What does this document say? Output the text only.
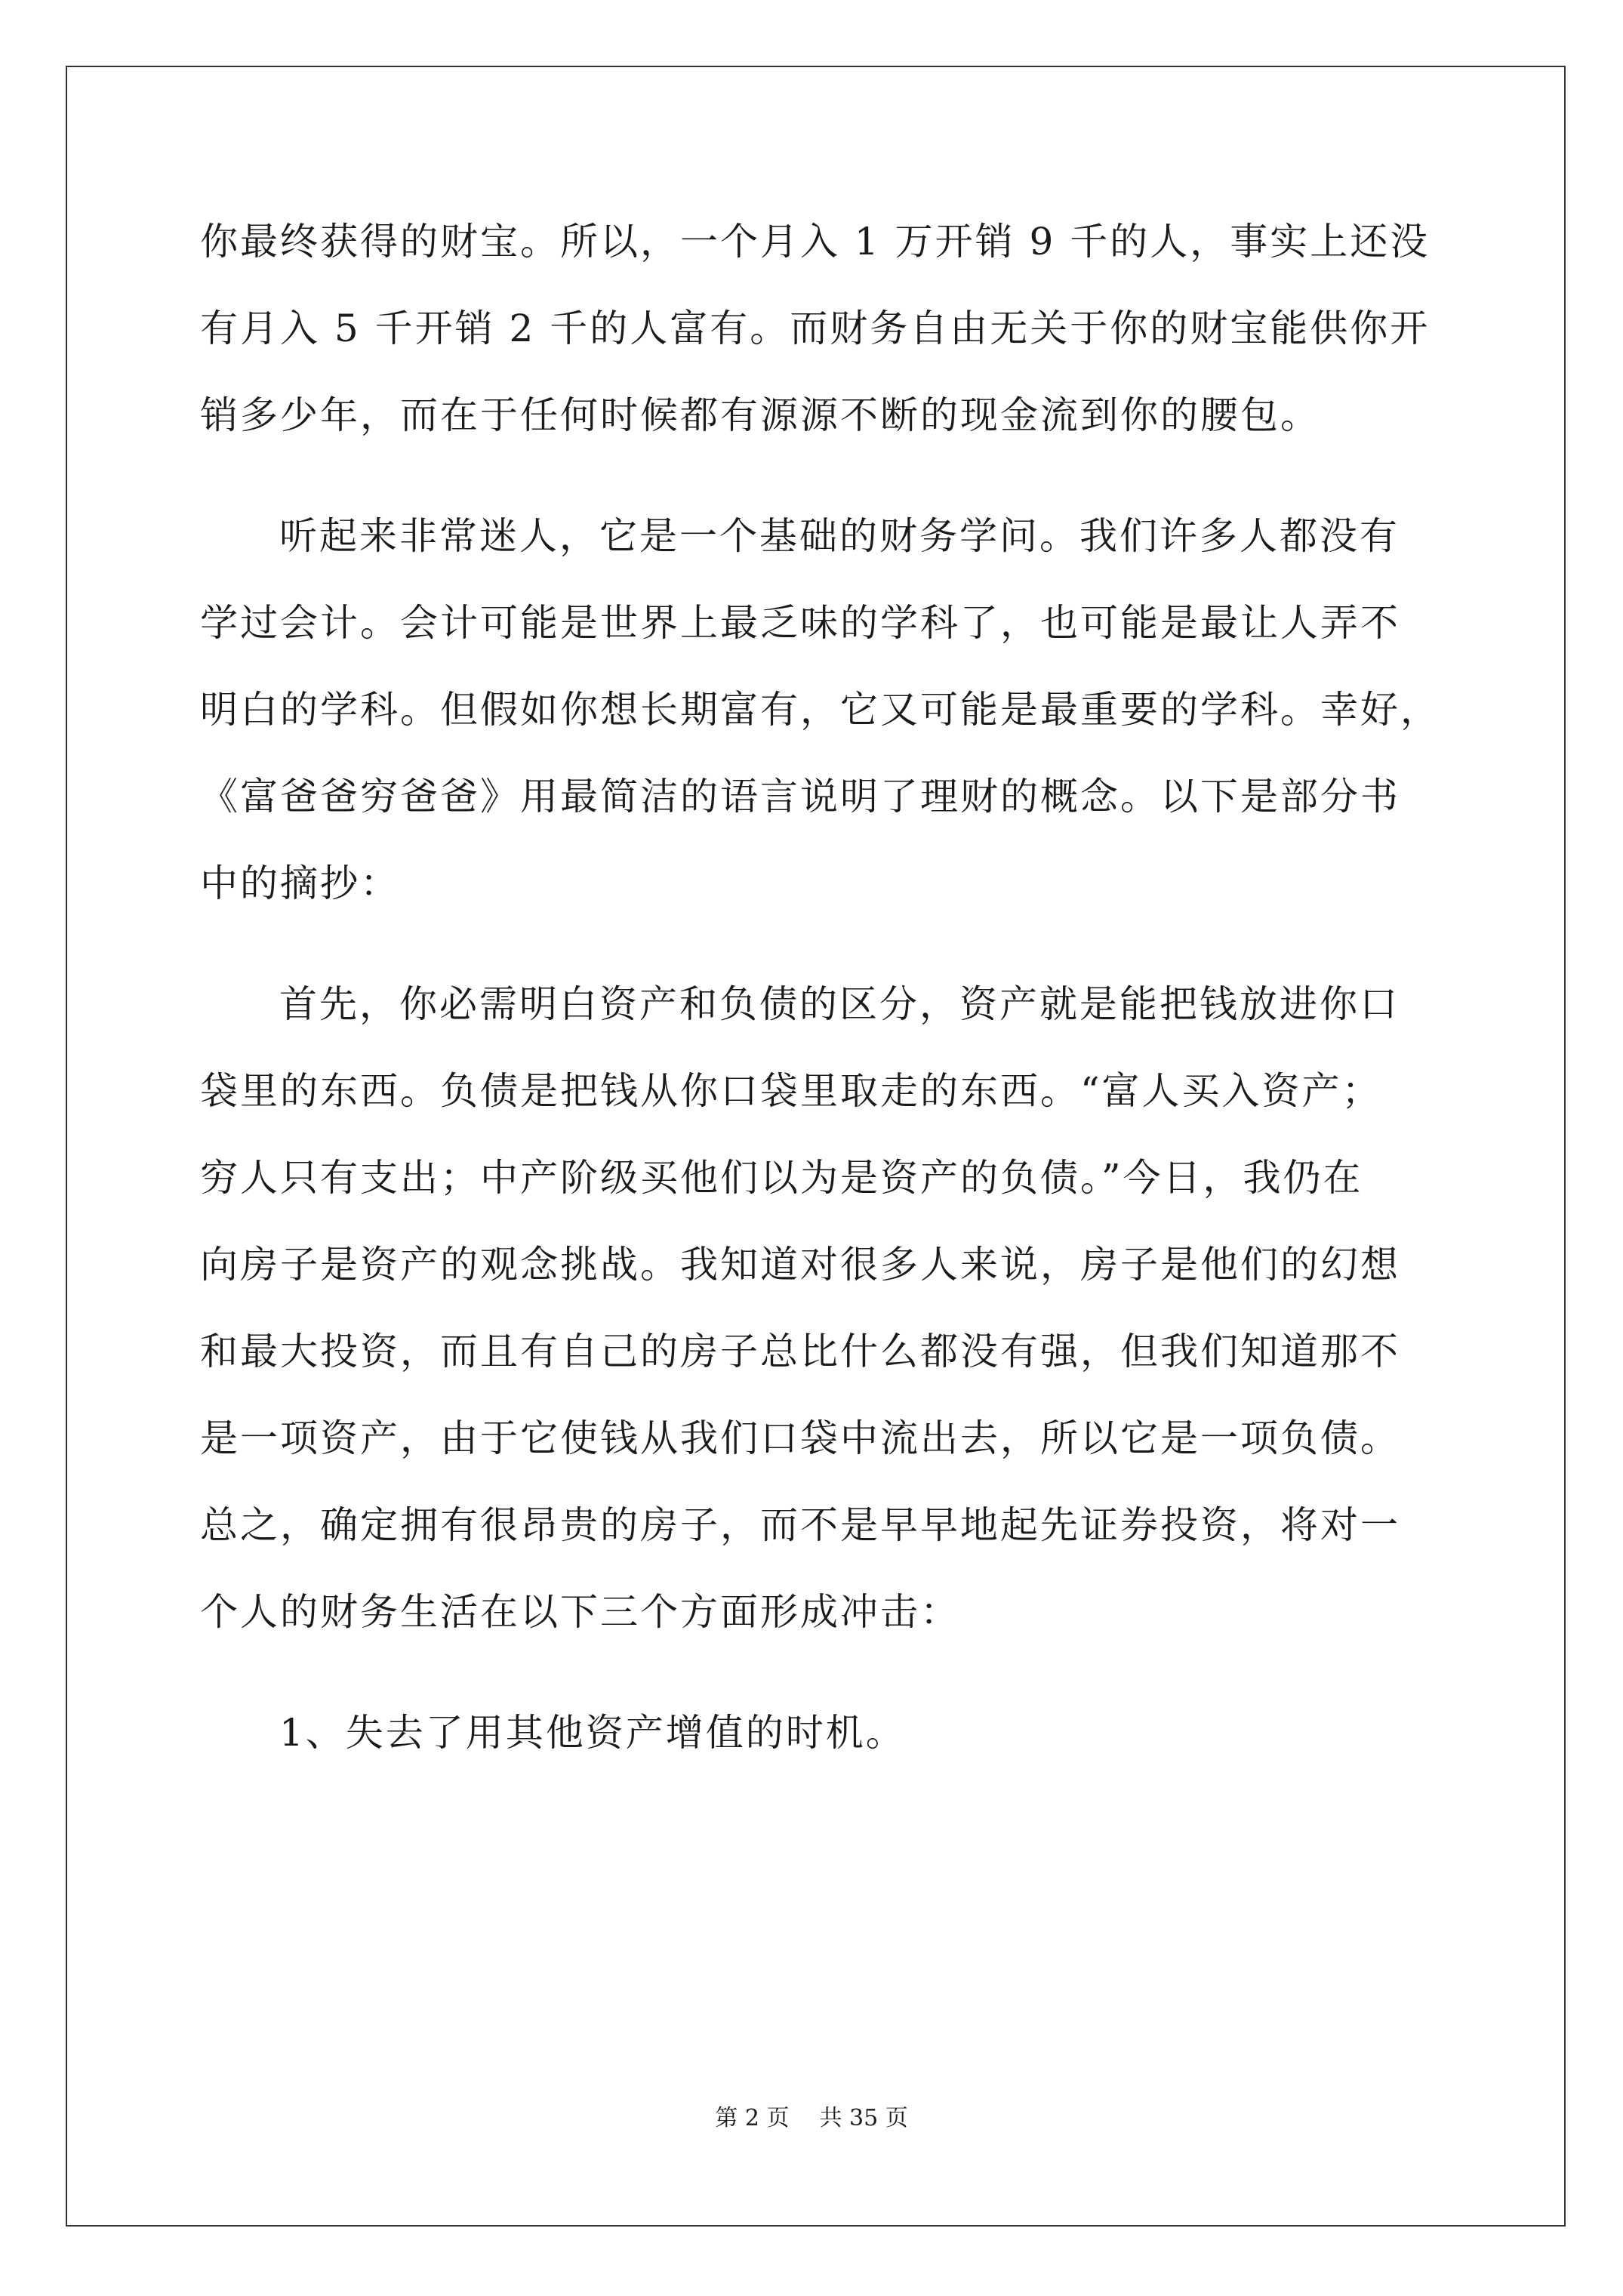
你最终获得的财宝。所以，一个月入 1 万开销 9 千的人，事实上还没
有月入 5 千开销 2 千的人富有。而财务自由无关于你的财宝能供你开
销多少年，而在于任何时候都有源源不断的现金流到你的腰包。
听起来非常迷人，它是一个基础的财务学问。我们许多人都没有
学过会计。会计可能是世界上最乏味的学科了，也可能是最让人弄不
明白的学科。但假如你想长期富有，它又可能是最重要的学科。幸好，
《富爸爸穷爸爸》用最简洁的语言说明了理财的概念。以下是部分书
中的摘抄：
首先，你必需明白资产和负债的区分，资产就是能把钱放进你口
袋里的东西。负债是把钱从你口袋里取走的东西。“富人买入资产；
穷人只有支出；中产阶级买他们以为是资产的负债。”今日，我仍在
向房子是资产的观念挑战。我知道对很多人来说，房子是他们的幻想
和最大投资，而且有自己的房子总比什么都没有强，但我们知道那不
是一项资产，由于它使钱从我们口袋中流出去，所以它是一项负债。
总之，确定拥有很昂贵的房子，而不是早早地起先证券投资，将对一
个人的财务生活在以下三个方面形成冲击：
1、失去了用其他资产增值的时机。
第 2 页 共 35 页
